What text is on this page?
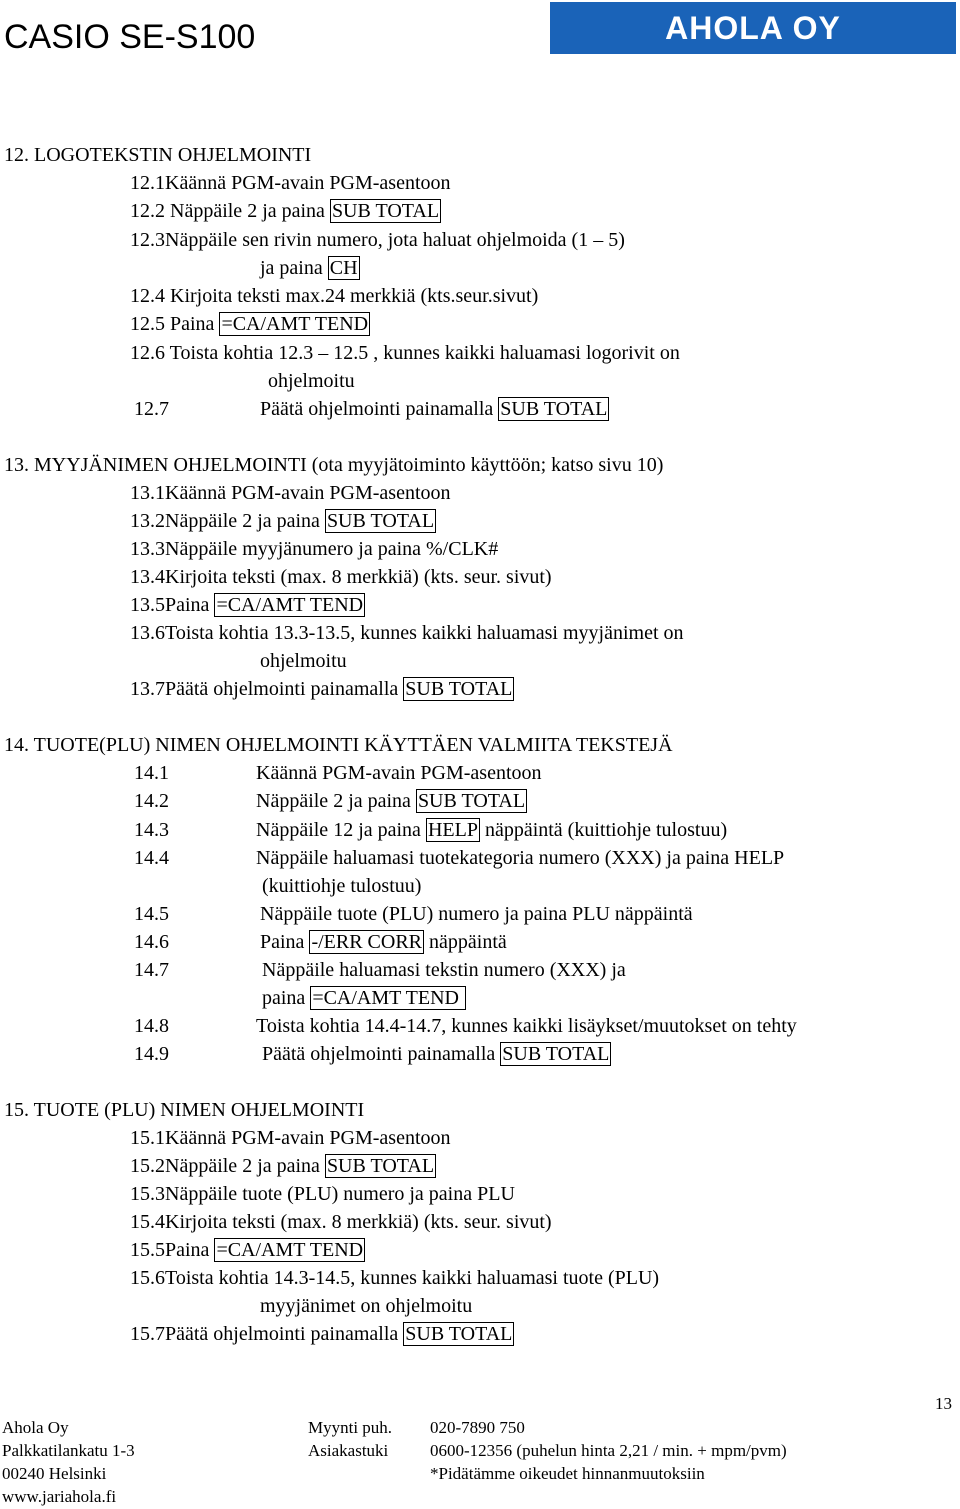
CASIO SE-S100	AHOLA OY
12. LOGOTEKSTIN OHJELMOINTI
12.1Käännä PGM-avain PGM-asentoon
12.2 Näppäile 2 ja paina SUB TOTAL
12.3Näppäile sen rivin numero, jota haluat ohjelmoida (1 – 5)
ja paina CH
12.4 Kirjoita teksti max.24 merkkiä (kts.seur.sivut)
12.5 Paina =CA/AMT TEND
12.6 Toista kohtia 12.3 – 12.5 , kunnes kaikki haluamasi logorivit on
ohjelmoitu
12.7	Päätä ohjelmointi painamalla SUB TOTAL
13. MYYJÄNIMEN OHJELMOINTI (ota myyjätoiminto käyttöön; katso sivu 10)
13.1Käännä PGM-avain PGM-asentoon
13.2Näppäile 2 ja paina SUB TOTAL
13.3Näppäile myyjänumero ja paina %/CLK#
13.4Kirjoita teksti (max. 8 merkkiä) (kts. seur. sivut)
13.5Paina =CA/AMT TEND
13.6Toista kohtia 13.3-13.5, kunnes kaikki haluamasi myyjänimet on
ohjelmoitu
13.7Päätä ohjelmointi painamalla SUB TOTAL
14. TUOTE(PLU) NIMEN OHJELMOINTI KÄYTTÄEN VALMIITA TEKSTEJÄ
14.1	Käännä PGM-avain PGM-asentoon
14.2	Näppäile 2 ja paina SUB TOTAL
14.3	Näppäile 12 ja paina HELP näppäintä (kuittiohje tulostuu)
14.4	Näppäile haluamasi tuotekategoria numero (XXX) ja paina HELP
(kuittiohje tulostuu)
14.5	Näppäile tuote (PLU) numero ja paina PLU näppäintä
14.6	Paina -/ERR CORR näppäintä
14.7	Näppäile haluamasi tekstin numero (XXX) ja
paina =CA/AMT TEND
14.8	Toista kohtia 14.4-14.7, kunnes kaikki lisäykset/muutokset on tehty
14.9	Päätä ohjelmointi painamalla SUB TOTAL
15. TUOTE (PLU) NIMEN OHJELMOINTI
15.1Käännä PGM-avain PGM-asentoon
15.2Näppäile 2 ja paina SUB TOTAL
15.3Näppäile tuote (PLU) numero ja paina PLU
15.4Kirjoita teksti (max. 8 merkkiä) (kts. seur. sivut)
15.5Paina =CA/AMT TEND
15.6Toista kohtia 14.3-14.5, kunnes kaikki haluamasi tuote (PLU)
myyjänimet on ohjelmoitu
15.7Päätä ohjelmointi painamalla SUB TOTAL
13
Ahola Oy
Palkkatilankatu 1-3
00240 Helsinki
www.jariahola.fi
Myynti puh. 020-7890 750
Asiakastuki 0600-12356 (puhelun hinta 2,21 / min. + mpm/pvm)
*Pidätämme oikeudet hinnanmuutoksiin
